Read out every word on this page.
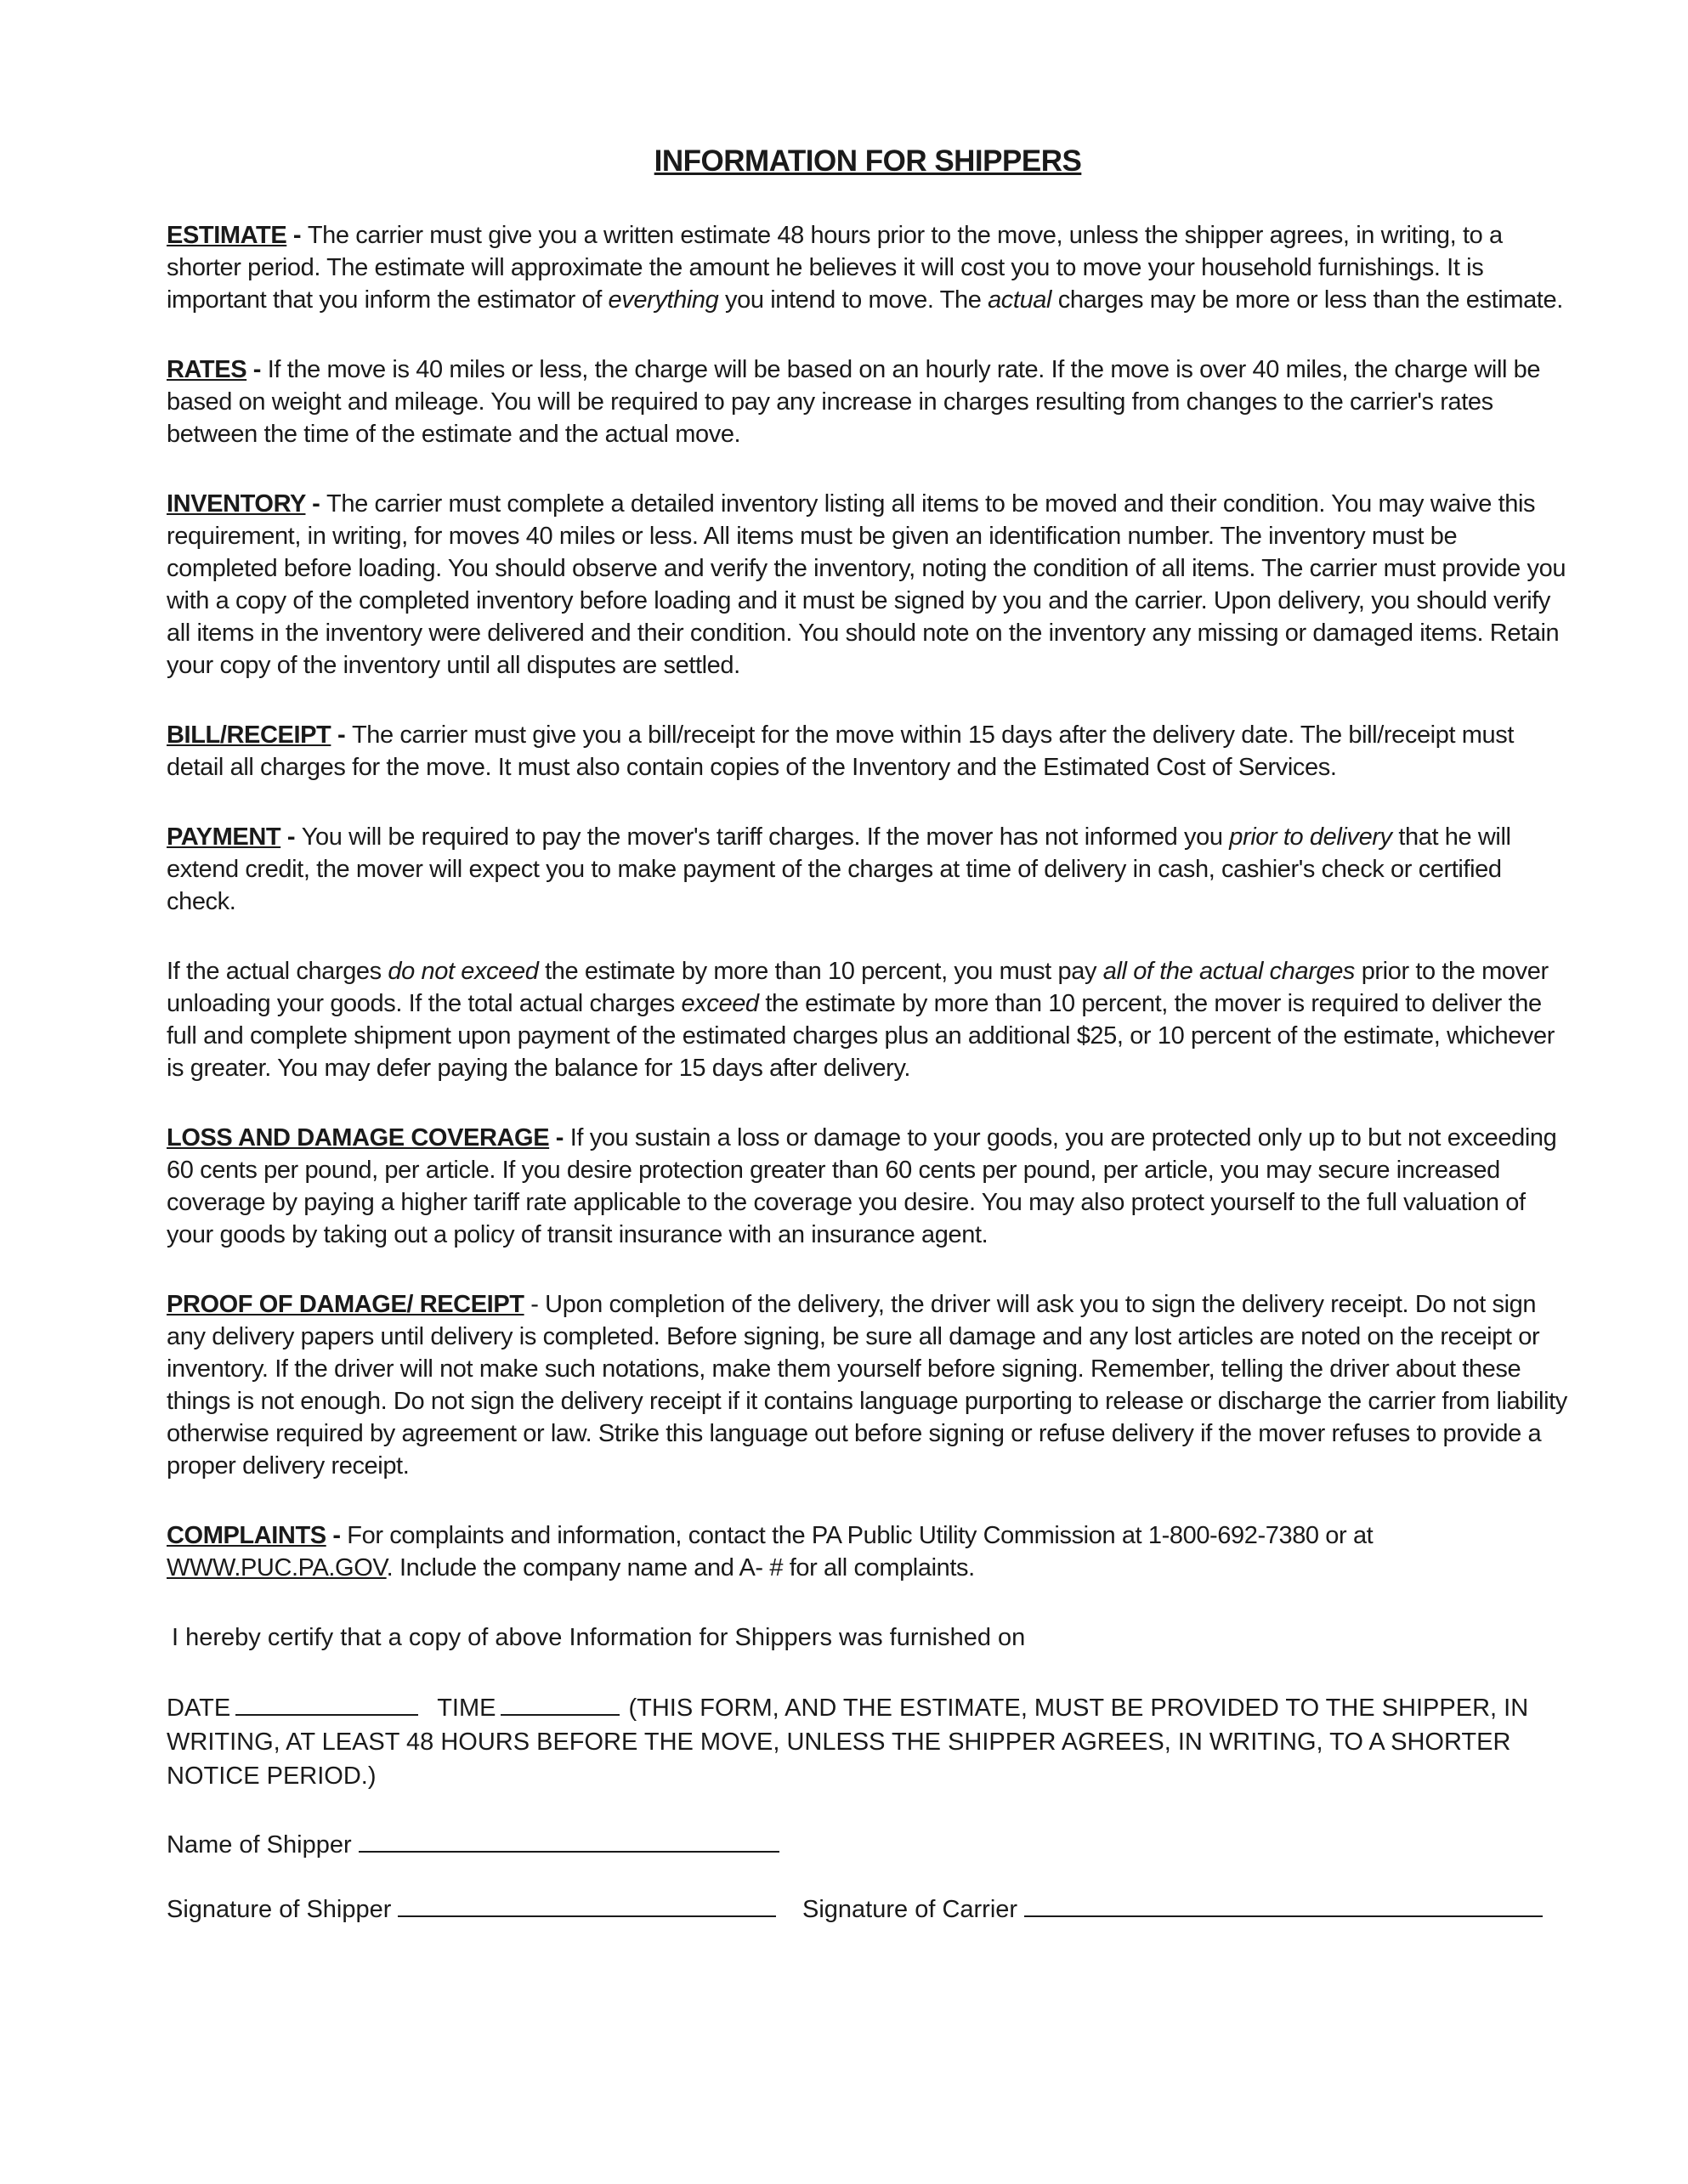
INFORMATION FOR SHIPPERS
ESTIMATE - The carrier must give you a written estimate 48 hours prior to the move, unless the shipper agrees, in writing, to a shorter period. The estimate will approximate the amount he believes it will cost you to move your household furnishings. It is important that you inform the estimator of everything you intend to move. The actual charges may be more or less than the estimate.
RATES - If the move is 40 miles or less, the charge will be based on an hourly rate. If the move is over 40 miles, the charge will be based on weight and mileage. You will be required to pay any increase in charges resulting from changes to the carrier's rates between the time of the estimate and the actual move.
INVENTORY - The carrier must complete a detailed inventory listing all items to be moved and their condition. You may waive this requirement, in writing, for moves 40 miles or less. All items must be given an identification number. The inventory must be completed before loading. You should observe and verify the inventory, noting the condition of all items. The carrier must provide you with a copy of the completed inventory before loading and it must be signed by you and the carrier. Upon delivery, you should verify all items in the inventory were delivered and their condition. You should note on the inventory any missing or damaged items. Retain your copy of the inventory until all disputes are settled.
BILL/RECEIPT - The carrier must give you a bill/receipt for the move within 15 days after the delivery date. The bill/receipt must detail all charges for the move. It must also contain copies of the Inventory and the Estimated Cost of Services.
PAYMENT - You will be required to pay the mover's tariff charges. If the mover has not informed you prior to delivery that he will extend credit, the mover will expect you to make payment of the charges at time of delivery in cash, cashier's check or certified check.
If the actual charges do not exceed the estimate by more than 10 percent, you must pay all of the actual charges prior to the mover unloading your goods. If the total actual charges exceed the estimate by more than 10 percent, the mover is required to deliver the full and complete shipment upon payment of the estimated charges plus an additional $25, or 10 percent of the estimate, whichever is greater. You may defer paying the balance for 15 days after delivery.
LOSS AND DAMAGE COVERAGE - If you sustain a loss or damage to your goods, you are protected only up to but not exceeding 60 cents per pound, per article. If you desire protection greater than 60 cents per pound, per article, you may secure increased coverage by paying a higher tariff rate applicable to the coverage you desire. You may also protect yourself to the full valuation of your goods by taking out a policy of transit insurance with an insurance agent.
PROOF OF DAMAGE/ RECEIPT - Upon completion of the delivery, the driver will ask you to sign the delivery receipt. Do not sign any delivery papers until delivery is completed. Before signing, be sure all damage and any lost articles are noted on the receipt or inventory. If the driver will not make such notations, make them yourself before signing. Remember, telling the driver about these things is not enough. Do not sign the delivery receipt if it contains language purporting to release or discharge the carrier from liability otherwise required by agreement or law. Strike this language out before signing or refuse delivery if the mover refuses to provide a proper delivery receipt.
COMPLAINTS - For complaints and information, contact the PA Public Utility Commission at 1-800-692-7380 or at WWW.PUC.PA.GOV. Include the company name and A- # for all complaints.
I hereby certify that a copy of above Information for Shippers was furnished on
DATE	TIME	(THIS FORM, AND THE ESTIMATE, MUST BE PROVIDED TO THE SHIPPER, IN WRITING, AT LEAST 48 HOURS BEFORE THE MOVE, UNLESS THE SHIPPER AGREES, IN WRITING, TO A SHORTER NOTICE PERIOD.)
Name of Shipper
Signature of Shipper	Signature of Carrier
